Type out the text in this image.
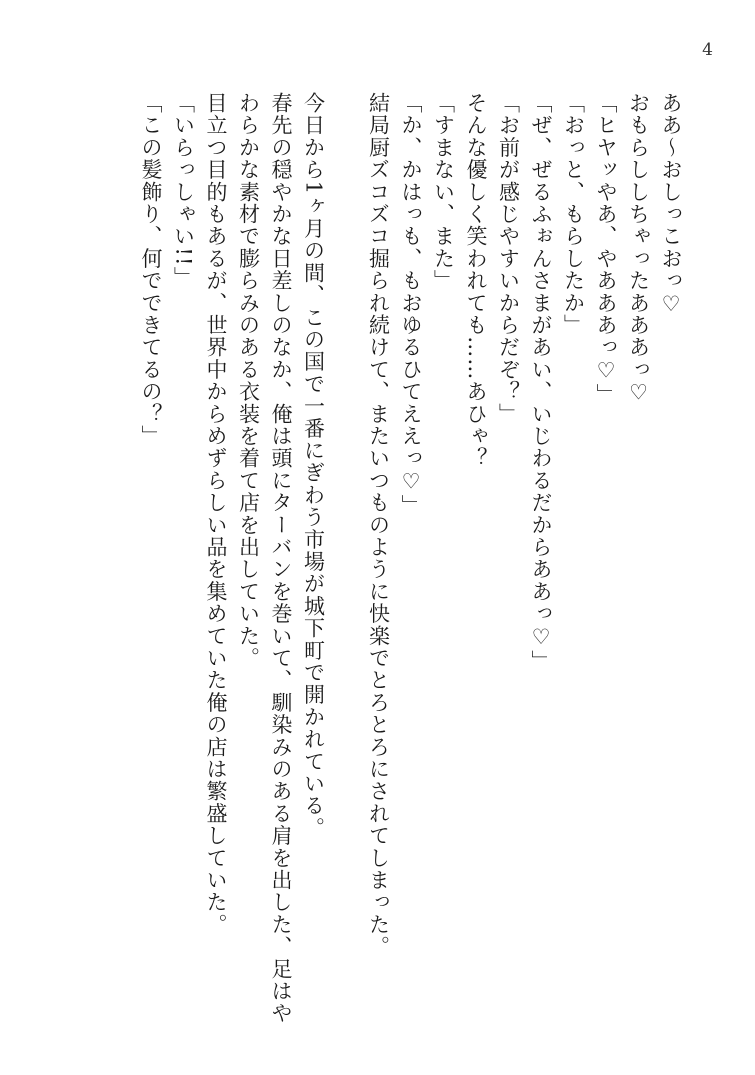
4
ああ〜おしっこおっ♡
おもらししちゃったあああっ♡
「ヒヤッやあ、やあああっ♡」
「おっと、もらしたか」
「ぜ、ぜるふぉんさまがあい、いじわるだからああっ♡」
「お前が感じやすいからだぞ？」
そんな優しく笑われても……あひゃ？
「すまない、また」
「か、かはっも、もおゆるひてええっ♡」
結局厨ズコズコ掘られ続けて、またいつものように快楽でとろとろにされてしまった。
今日から1ヶ月の間、この国で一番にぎわう市場が城下町で開かれている。
春先の穏やかな日差しのなか、俺は頭にターバンを巻いて、馴染みのある肩を出した、足はやわらかな素材で膨らみのある衣装を着て店を出していた。
目立つ目的もあるが、世界中からめずらしい品を集めていた俺の店は繁盛していた。
「いらっしゃい!!」
「この髪飾り、何でできてるの？」
